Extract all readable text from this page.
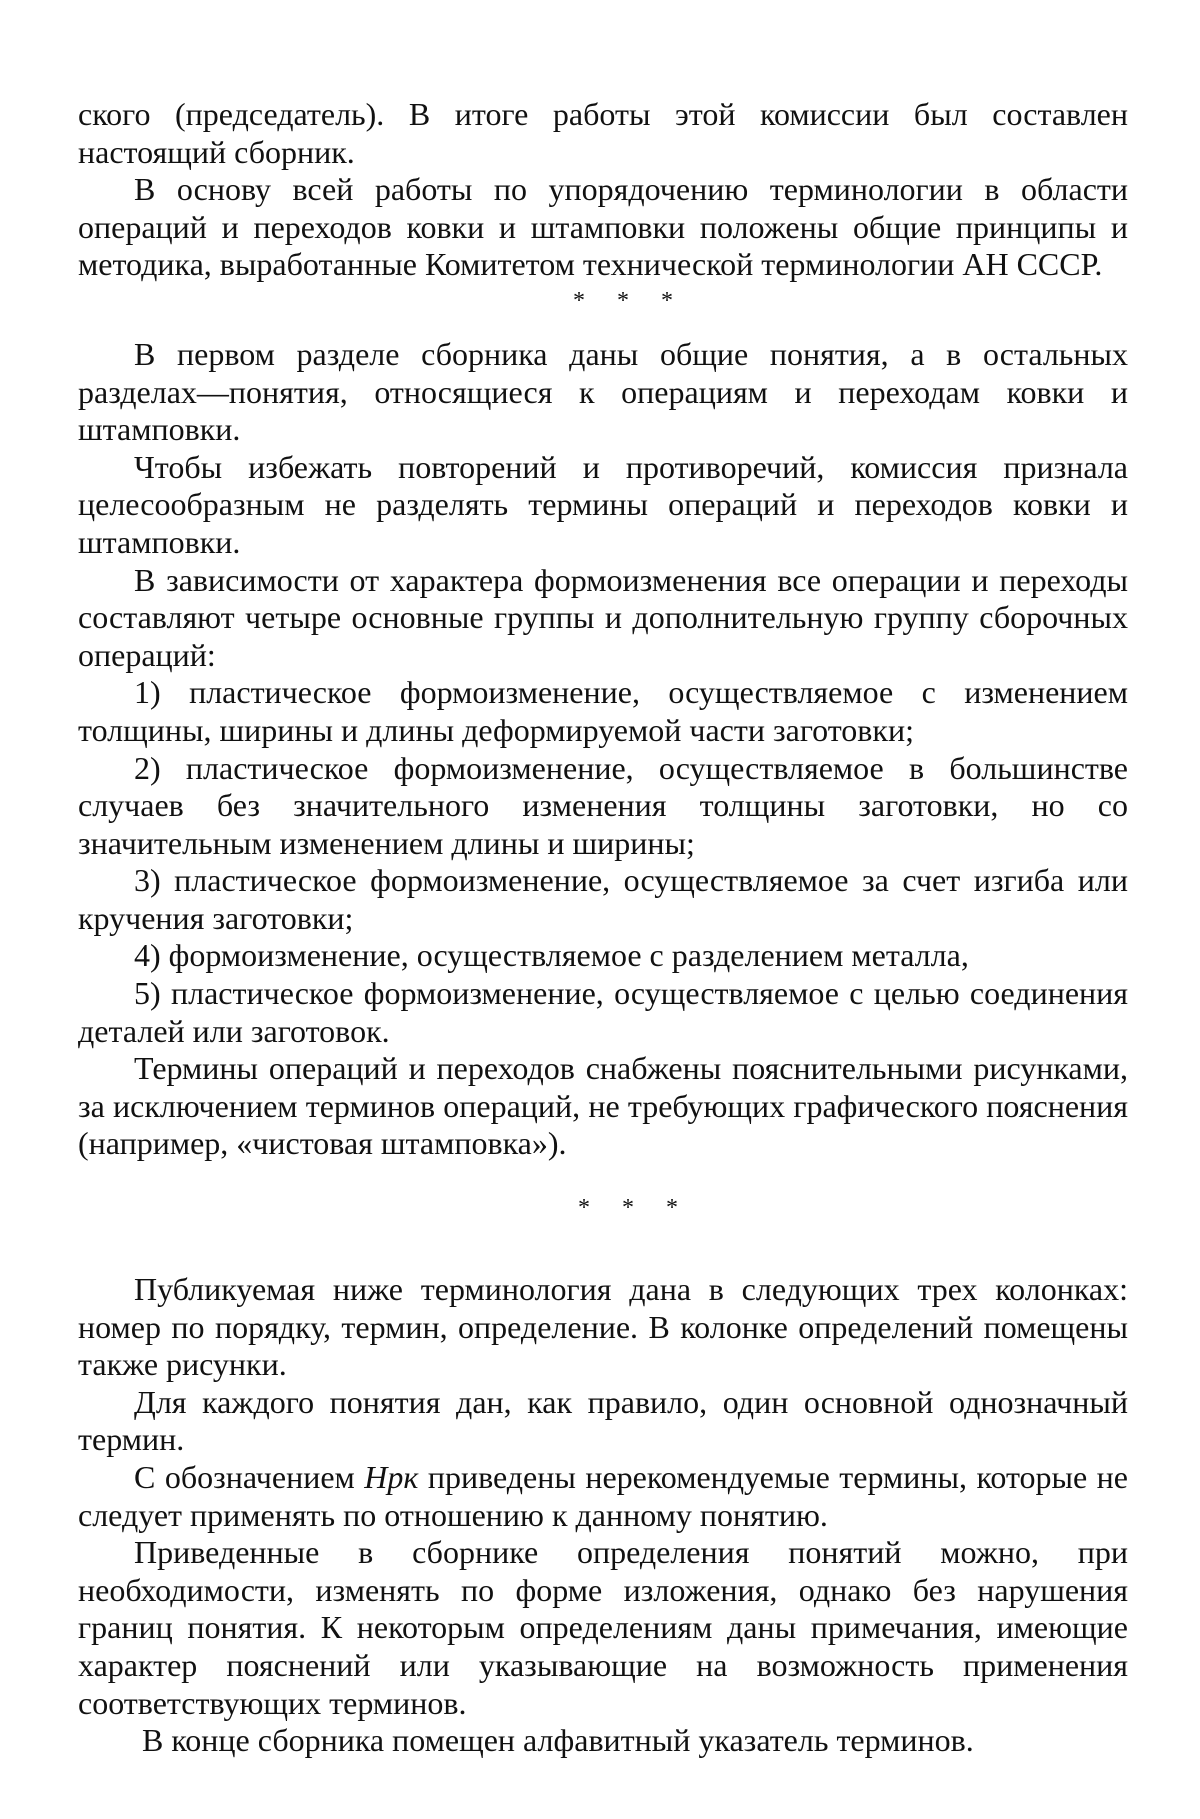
ского (председатель). В итоге работы этой комиссии был составлен настоящий сборник.

В основу всей работы по упорядочению терминологии в области операций и переходов ковки и штамповки положены общие принципы и методика, выработанные Комитетом технической терминологии АН СССР.

* * *

В первом разделе сборника даны общие понятия, а в остальных разделах—понятия, относящиеся к операциям и переходам ковки и штамповки.

Чтобы избежать повторений и противоречий, комиссия признала целесообразным не разделять термины операций и переходов ковки и штамповки.

В зависимости от характера формоизменения все операции и переходы составляют четыре основные группы и дополнительную группу сборочных операций:

1) пластическое формоизменение, осуществляемое с изменением толщины, ширины и длины деформируемой части заготовки;

2) пластическое формоизменение, осуществляемое в большинстве случаев без значительного изменения толщины заготовки, но со значительным изменением длины и ширины;

3) пластическое формоизменение, осуществляемое за счет изгиба или кручения заготовки;

4) формоизменение, осуществляемое с разделением металла,

5) пластическое формоизменение, осуществляемое с целью соединения деталей или заготовок.

Термины операций и переходов снабжены пояснительными рисунками, за исключением терминов операций, не требующих графического пояснения (например, «чистовая штамповка»).

* * *

Публикуемая ниже терминология дана в следующих трех колонках: номер по порядку, термин, определение. В колонке определений помещены также рисунки.

Для каждого понятия дан, как правило, один основной однозначный термин.

С обозначением Нрк приведены нерекомендуемые термины, которые не следует применять по отношению к данному понятию.

Приведенные в сборнике определения понятий можно, при необходимости, изменять по форме изложения, однако без нарушения границ понятия. К некоторым определениям даны примечания, имеющие характер пояснений или указывающие на возможность применения соответствующих терминов.

В конце сборника помещен алфавитный указатель терминов.
